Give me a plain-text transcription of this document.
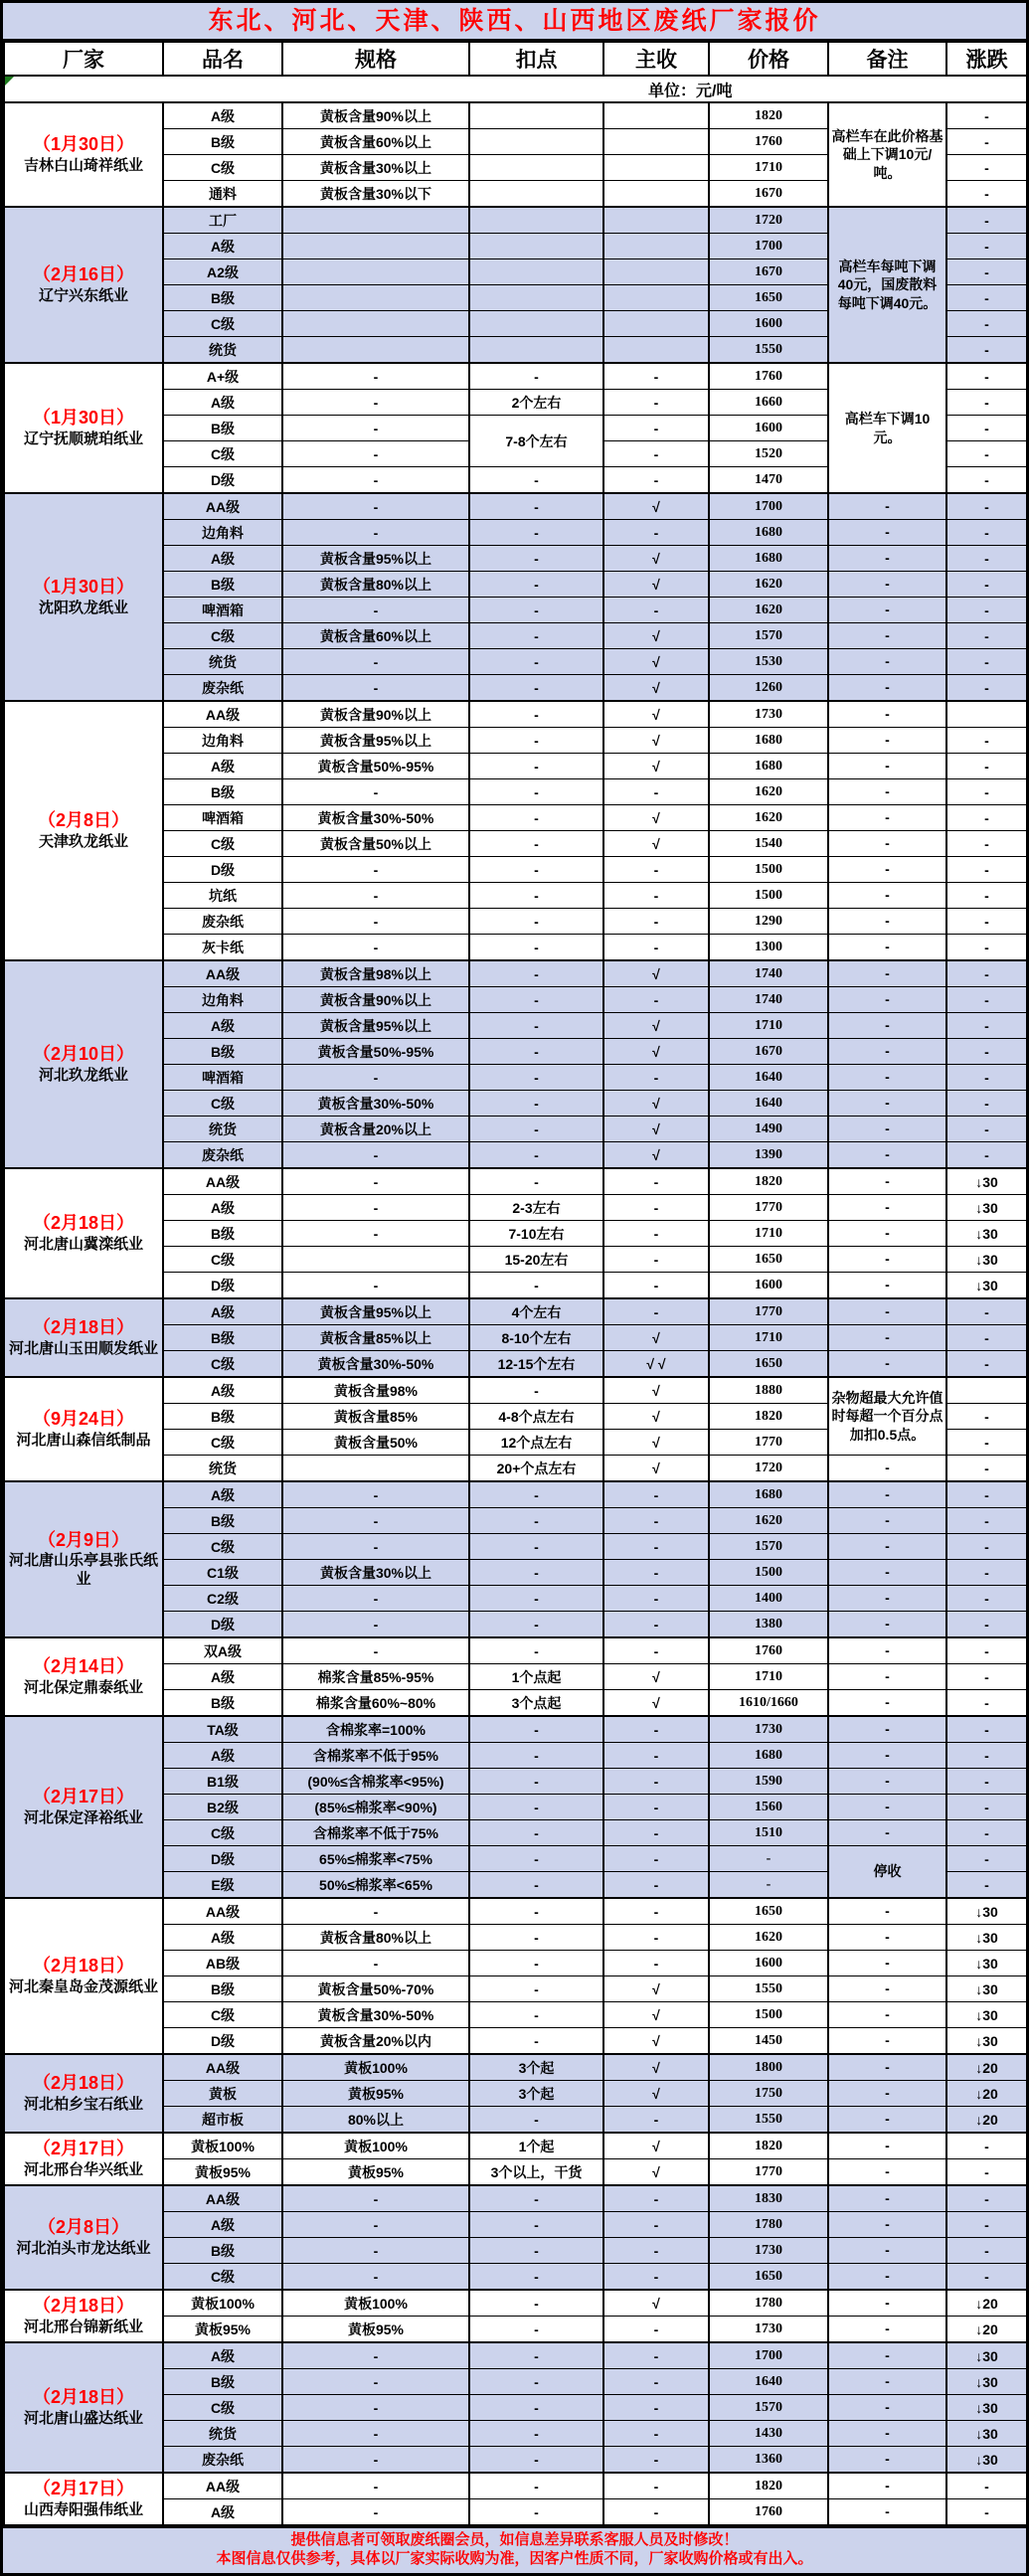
东北、河北、天津、陕西、山西地区废纸厂家报价
厂家	品名	规格	扣点	主收	价格	备注	涨跌

单位：元/吨							

（1月30日）
吉林白山琦祥纸业	A级	黄板含量90%以上			1820	高栏车在此价格基础上下调10元/吨。	-
	B级	黄板含量60%以上			1760		-
	C级	黄板含量30%以上			1710		-
	通料	黄板含量30%以下			1670		-

（2月16日）
辽宁兴东纸业	工厂				1720	高栏车每吨下调40元，国废散料每吨下调40元。	-
	A级				1700		-
	A2级				1670		-
	B级				1650		-
	C级				1600		-
	统货				1550		-

（1月30日）
辽宁抚顺琥珀纸业	A+级	-	-	-	1760	高栏车下调10元。	-
	A级	-	2个左右	-	1660		-
	B级	-	7-8个左右	-	1600		-
	C级	-		-	1520		-
	D级	-	-	-	1470		-

（1月30日）
沈阳玖龙纸业	AA级	-	-	√	1700	-	-
	边角料	-	-	-	1680	-	-
	A级	黄板含量95%以上	-	√	1680	-	-
	B级	黄板含量80%以上	-	√	1620	-	-
	啤酒箱	-	-	-	1620	-	-
	C级	黄板含量60%以上	-	√	1570	-	-
	统货	-	-	√	1530	-	-
	废杂纸	-	-	√	1260	-	-

（2月8日）
天津玖龙纸业	AA级	黄板含量90%以上	-	√	1730	-	
	边角料	黄板含量95%以上	-	√	1680	-	-
	A级	黄板含量50%-95%	-	√	1680	-	-
	B级	-	-	-	1620	-	-
	啤酒箱	黄板含量30%-50%	-	√	1620	-	-
	C级	黄板含量50%以上	-	√	1540	-	-
	D级	-	-	-	1500	-	-
	坑纸	-	-	-	1500	-	-
	废杂纸	-	-	-	1290	-	-
	灰卡纸	-	-	-	1300	-	-

（2月10日）
河北玖龙纸业	AA级	黄板含量98%以上	-	√	1740	-	-
	边角料	黄板含量90%以上	-	-	1740	-	-
	A级	黄板含量95%以上	-	√	1710	-	-
	B级	黄板含量50%-95%	-	√	1670	-	-
	啤酒箱	-	-	-	1640	-	-
	C级	黄板含量30%-50%	-	√	1640	-	-
	统货	黄板含量20%以上	-	√	1490	-	-
	废杂纸	-	-	√	1390	-	-

（2月18日）
河北唐山冀滦纸业	AA级	-	-	-	1820	-	↓30
	A级	-	2-3左右	-	1770	-	↓30
	B级	-	7-10左右	-	1710	-	↓30
	C级		15-20左右	-	1650	-	↓30
	D级	-	-	-	1600	-	↓30

（2月18日）
河北唐山玉田顺发纸业	A级	黄板含量95%以上	4个左右	-	1770	-	-
	B级	黄板含量85%以上	8-10个左右	√	1710	-	-
	C级	黄板含量30%-50%	12-15个左右	√ √	1650	-	-

（9月24日）
河北唐山森信纸制品	A级	黄板含量98%	-	√	1880	杂物超最大允许值时每超一个百分点加扣0.5点。	
	B级	黄板含量85%	4-8个点左右	√	1820		-
	C级	黄板含量50%	12个点左右	√	1770		-
	统货		20+个点左右	√	1720	-	-

（2月9日）
河北唐山乐亭县张氏纸业	A级	-	-	-	1680	-	-
	B级	-	-	-	1620	-	-
	C级	-	-	-	1570	-	-
	C1级	黄板含量30%以上	-	-	1500	-	-
	C2级	-	-	-	1400	-	-
	D级	-	-	-	1380	-	-

（2月14日）
河北保定鼎泰纸业	双A级	-	-	-	1760	-	-
	A级	棉浆含量85%-95%	1个点起	√	1710	-	-
	B级	棉浆含量60%~80%	3个点起	√	1610/1660	-	-

（2月17日）
河北保定泽裕纸业	TA级	含棉浆率=100%	-	-	1730	-	-
	A级	含棉浆率不低于95%	-	-	1680	-	-
	B1级	(90%≤含棉浆率<95%)	-	-	1590	-	-
	B2级	(85%≤棉浆率<90%)	-	-	1560	-	-
	C级	含棉浆率不低于75%	-	-	1510	-	-
	D级	65%≤棉浆率<75%	-	-	-	停收	-
	E级	50%≤棉浆率<65%	-	-	-		-

（2月18日）
河北秦皇岛金茂源纸业	AA级	-	-	-	1650	-	↓30
	A级	黄板含量80%以上	-	-	1620	-	↓30
	AB级	-	-	-	1600	-	↓30
	B级	黄板含量50%-70%	-	√	1550	-	↓30
	C级	黄板含量30%-50%	-	√	1500	-	↓30
	D级	黄板含量20%以内	-	√	1450	-	↓30

（2月18日）
河北柏乡宝石纸业	AA级	黄板100%	3个起	√	1800	-	↓20
	黄板	黄板95%	3个起	√	1750	-	↓20
	超市板	80%以上	-	-	1550	-	↓20

（2月17日）
河北邢台华兴纸业	黄板100%	黄板100%	1个起	√	1820	-	-
	黄板95%	黄板95%	3个以上，干货	√	1770	-	-

（2月8日）
河北泊头市龙达纸业	AA级	-	-	-	1830	-	-
	A级	-	-	-	1780	-	-
	B级	-	-	-	1730	-	-
	C级	-	-	-	1650	-	-

（2月18日）
河北邢台锦新纸业	黄板100%	黄板100%	-	√	1780	-	↓20
	黄板95%	黄板95%	-	-	1730	-	↓20

（2月18日）
河北唐山盛达纸业	A级	-	-	-	1700	-	↓30
	B级	-	-	-	1640	-	↓30
	C级	-	-	-	1570	-	↓30
	统货	-	-	-	1430	-	↓30
	废杂纸	-	-	-	1360	-	↓30

（2月17日）
山西寿阳强伟纸业	AA级	-	-	-	1820	-	-
	A级	-	-	-	1760	-	-
提供信息者可领取废纸圈会员，如信息差异联系客服人员及时修改！
本图信息仅供参考，具体以厂家实际收购为准，因客户性质不同，厂家收购价格或有出入。
